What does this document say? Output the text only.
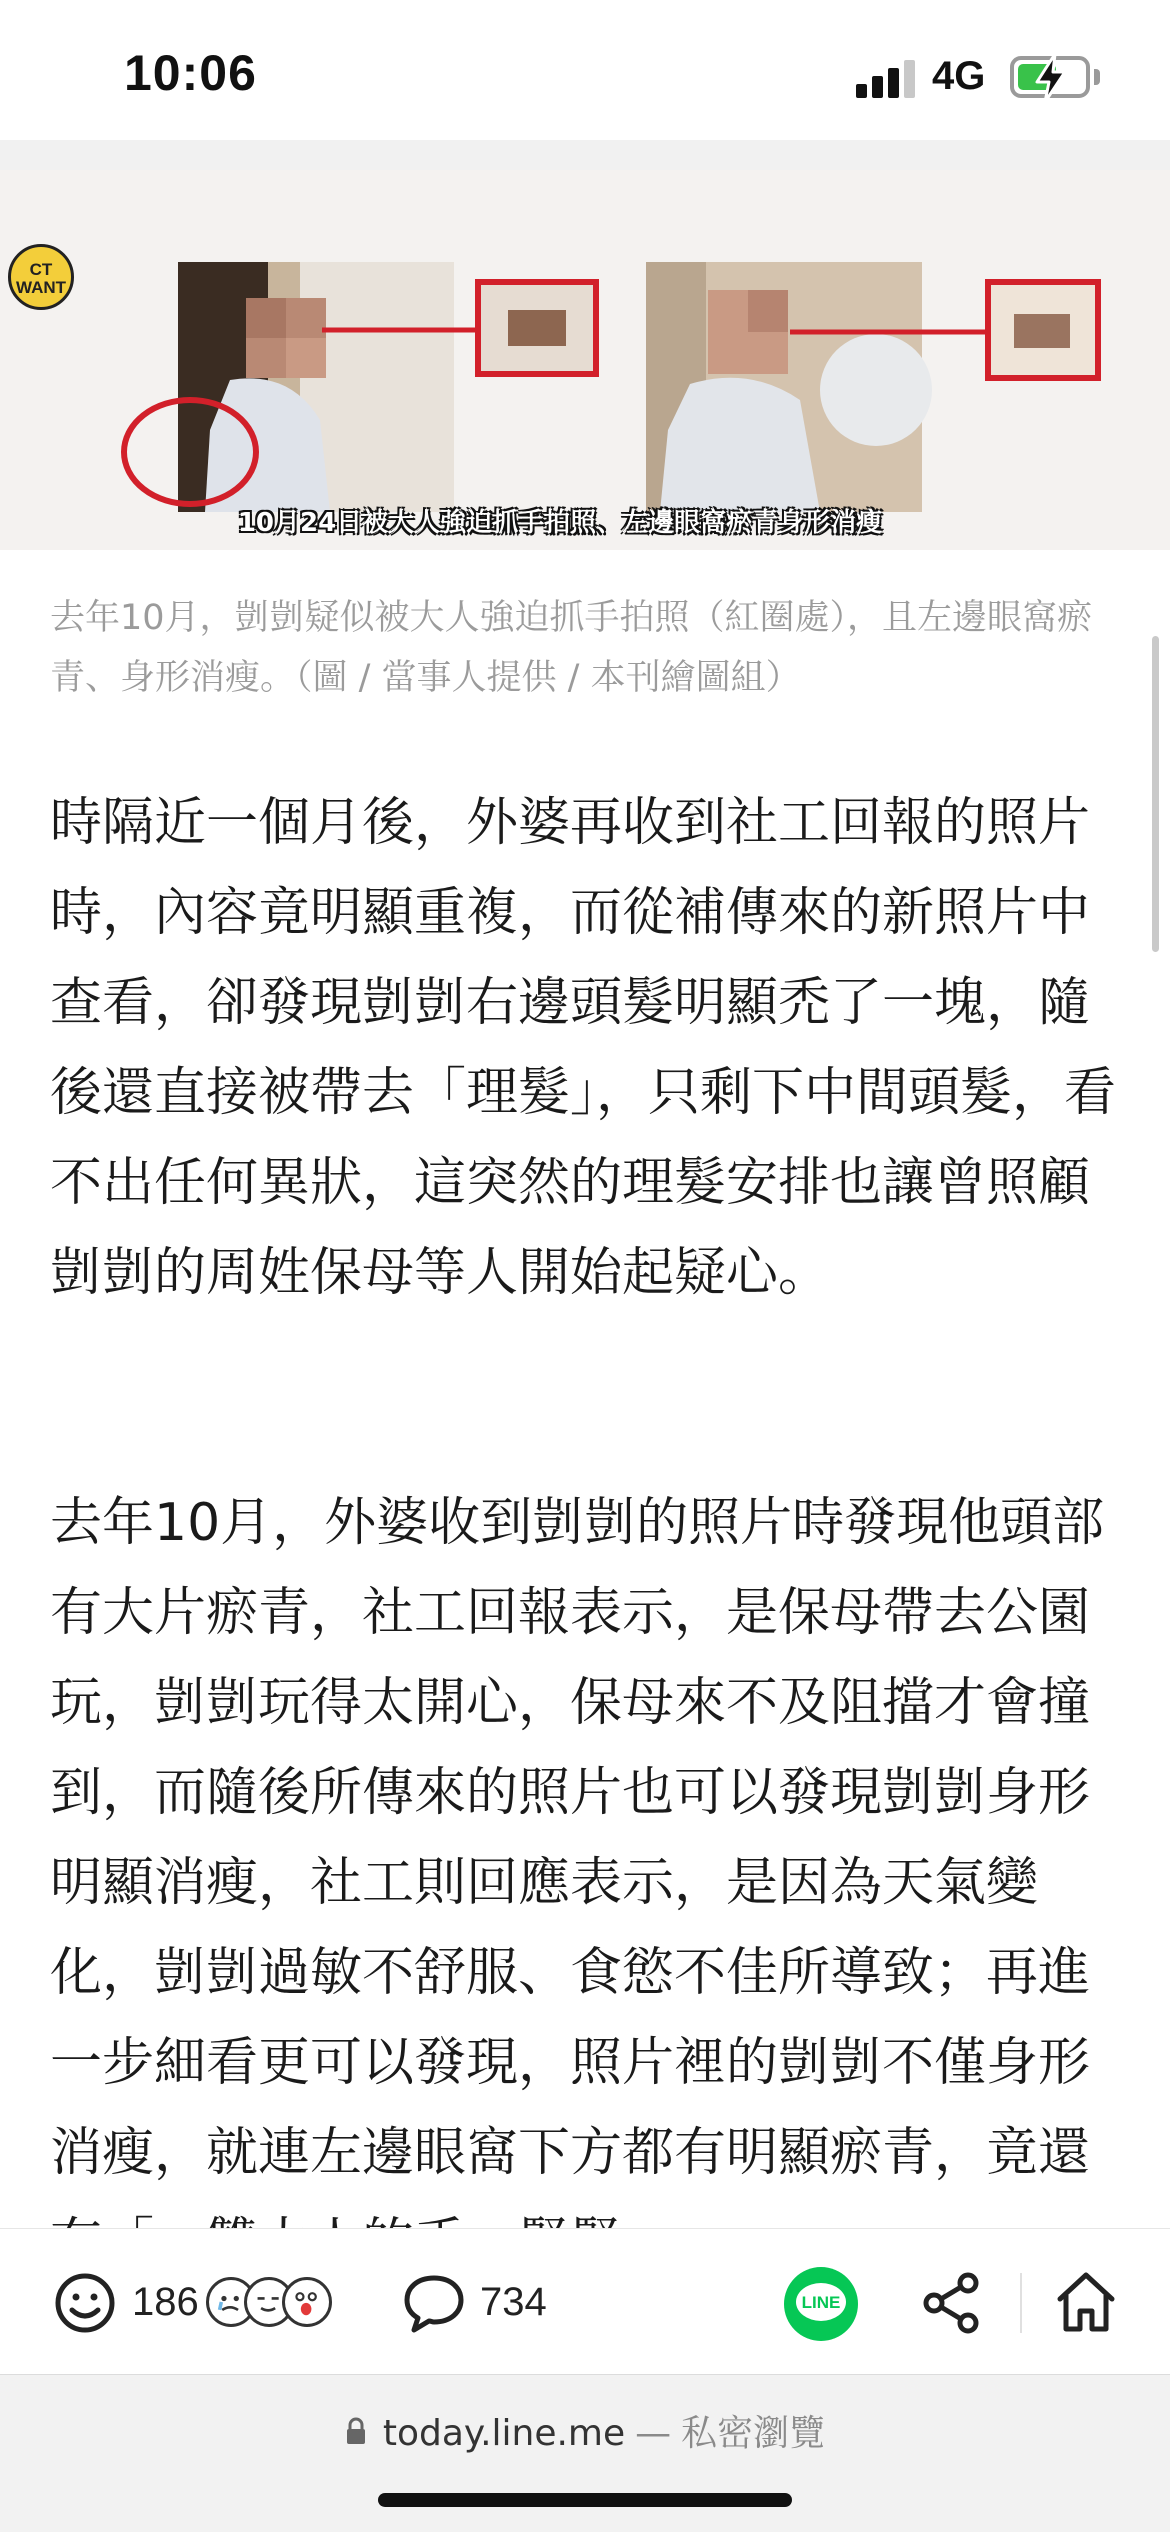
10:06	4G
CT WANT
10月24日被大人強迫抓手拍照、左邊眼窩瘀青身形消瘦
去年10月，剴剴疑似被大人強迫抓手拍照（紅圈處），且左邊眼窩瘀青、身形消瘦。（圖 / 當事人提供 / 本刊繪圖組）
時隔近一個月後，外婆再收到社工回報的照片時，內容竟明顯重複，而從補傳來的新照片中查看，卻發現剴剴右邊頭髮明顯禿了一塊，隨後還直接被帶去「理髮」，只剩下中間頭髮，看不出任何異狀，這突然的理髮安排也讓曾照顧剴剴的周姓保母等人開始起疑心。
去年10月，外婆收到剴剴的照片時發現他頭部有大片瘀青，社工回報表示，是保母帶去公園玩，剴剴玩得太開心，保母來不及阻擋才會撞到，而隨後所傳來的照片也可以發現剴剴身形明顯消瘦，社工則回應表示，是因為天氣變化，剴剴過敏不舒服、食慾不佳所導致；再進一步細看更可以發現，照片裡的剴剴不僅身形消瘦，就連左邊眼窩下方都有明顯瘀青，竟還
186	734	LINE
today.line.me — 私密瀏覽
